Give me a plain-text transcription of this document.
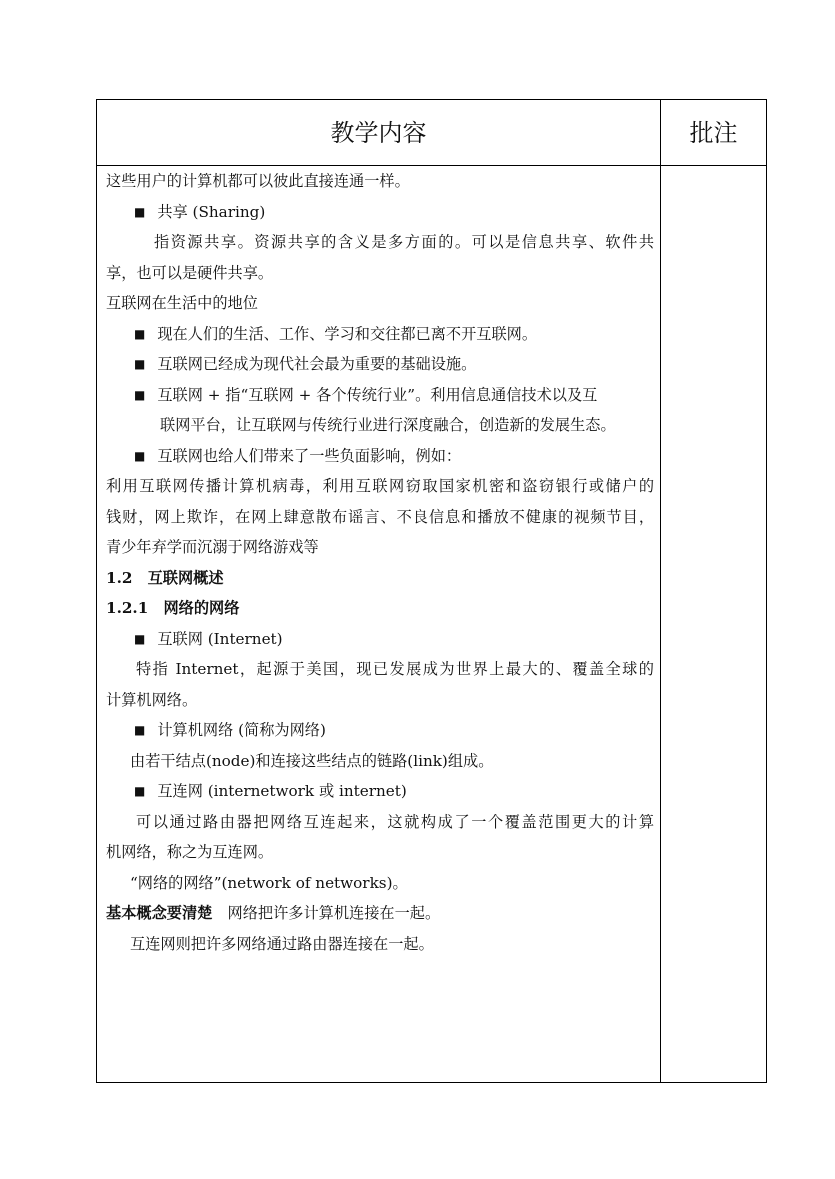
教学内容	批注
这些用户的计算机都可以彼此直接连通一样。
■ 共享 (Sharing)
指资源共享。资源共享的含义是多方面的。可以是信息共享、软件共
享，也可以是硬件共享。
互联网在生活中的地位
■ 现在人们的生活、工作、学习和交往都已离不开互联网。
■ 互联网已经成为现代社会最为重要的基础设施。
■ 互联网 + 指“互联网 + 各个传统行业”。利用信息通信技术以及互
联网平台，让互联网与传统行业进行深度融合，创造新的发展生态。
■ 互联网也给人们带来了一些负面影响，例如：
利用互联网传播计算机病毒，利用互联网窃取国家机密和盗窃银行或储户的
钱财，网上欺诈，在网上肆意散布谣言、不良信息和播放不健康的视频节目，
青少年弃学而沉溺于网络游戏等
1.2　互联网概述
1.2.1　网络的网络
■ 互联网 (Internet)
特指 Internet，起源于美国，现已发展成为世界上最大的、覆盖全球的
计算机网络。
■ 计算机网络 (简称为网络)
由若干结点(node)和连接这些结点的链路(link)组成。
■ 互连网 (internetwork 或 internet)
可以通过路由器把网络互连起来，这就构成了一个覆盖范围更大的计算
机网络，称之为互连网。
“网络的网络”(network of networks)。
基本概念要清楚　 网络把许多计算机连接在一起。
互连网则把许多网络通过路由器连接在一起。
